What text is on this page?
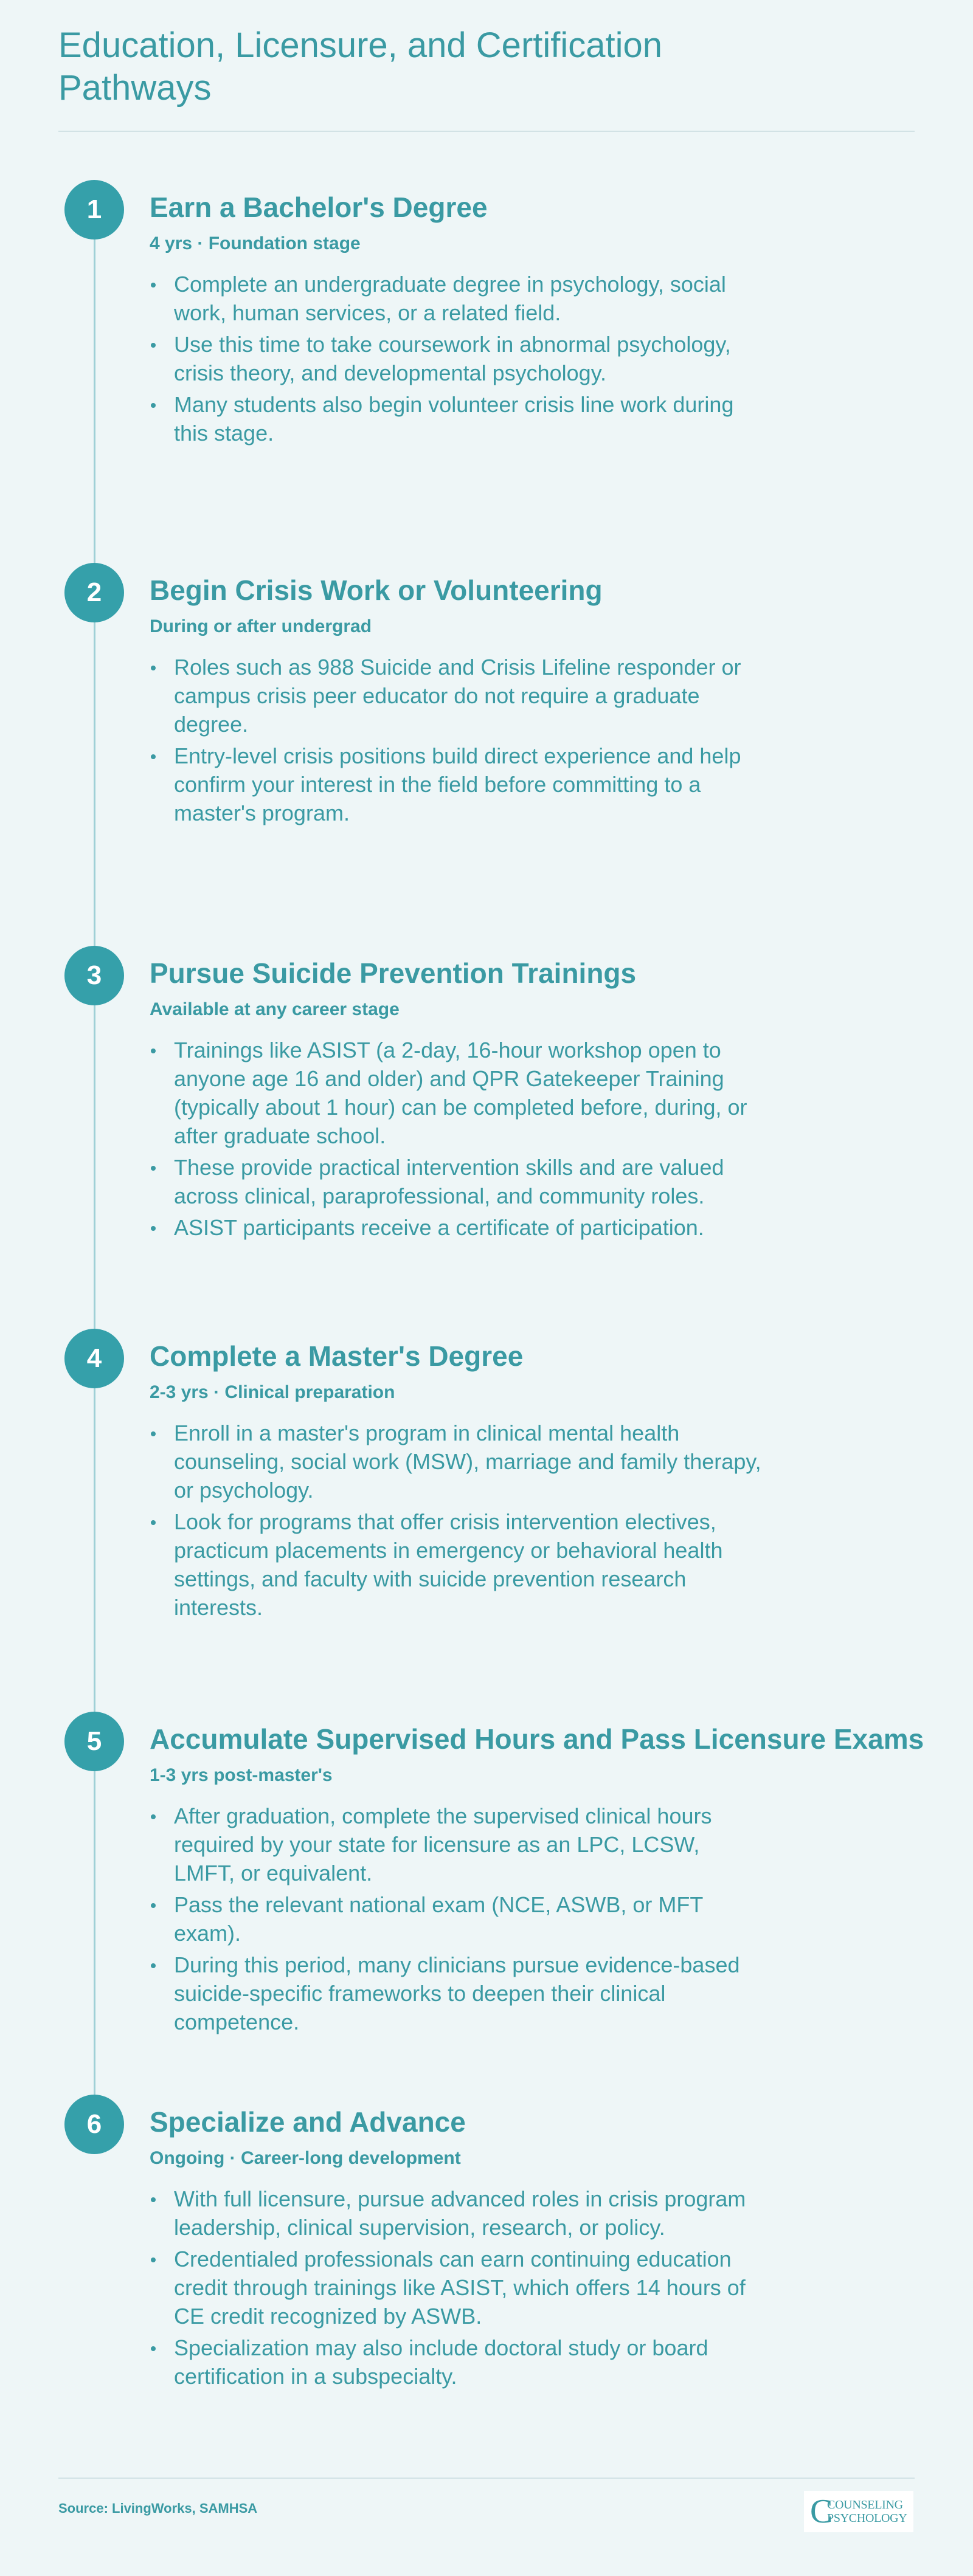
Education, Licensure, and Certification Pathways
1	Earn a Bachelor's Degree
4 yrs · Foundation stage
Complete an undergraduate degree in psychology, social work, human services, or a related field.
Use this time to take coursework in abnormal psychology, crisis theory, and developmental psychology.
Many students also begin volunteer crisis line work during this stage.
2	Begin Crisis Work or Volunteering
During or after undergrad
Roles such as 988 Suicide and Crisis Lifeline responder or campus crisis peer educator do not require a graduate degree.
Entry-level crisis positions build direct experience and help confirm your interest in the field before committing to a master's program.
3	Pursue Suicide Prevention Trainings
Available at any career stage
Trainings like ASIST (a 2-day, 16-hour workshop open to anyone age 16 and older) and QPR Gatekeeper Training (typically about 1 hour) can be completed before, during, or after graduate school.
These provide practical intervention skills and are valued across clinical, paraprofessional, and community roles.
ASIST participants receive a certificate of participation.
4	Complete a Master's Degree
2-3 yrs · Clinical preparation
Enroll in a master's program in clinical mental health counseling, social work (MSW), marriage and family therapy, or psychology.
Look for programs that offer crisis intervention electives, practicum placements in emergency or behavioral health settings, and faculty with suicide prevention research interests.
5	Accumulate Supervised Hours and Pass Licensure Exams
1-3 yrs post-master's
After graduation, complete the supervised clinical hours required by your state for licensure as an LPC, LCSW, LMFT, or equivalent.
Pass the relevant national exam (NCE, ASWB, or MFT exam).
During this period, many clinicians pursue evidence-based suicide-specific frameworks to deepen their clinical competence.
6	Specialize and Advance
Ongoing · Career-long development
With full licensure, pursue advanced roles in crisis program leadership, clinical supervision, research, or policy.
Credentialed professionals can earn continuing education credit through trainings like ASIST, which offers 14 hours of CE credit recognized by ASWB.
Specialization may also include doctoral study or board certification in a subspecialty.
Source: LivingWorks, SAMHSA	C
COUNSELING
PSYCHOLOGY
